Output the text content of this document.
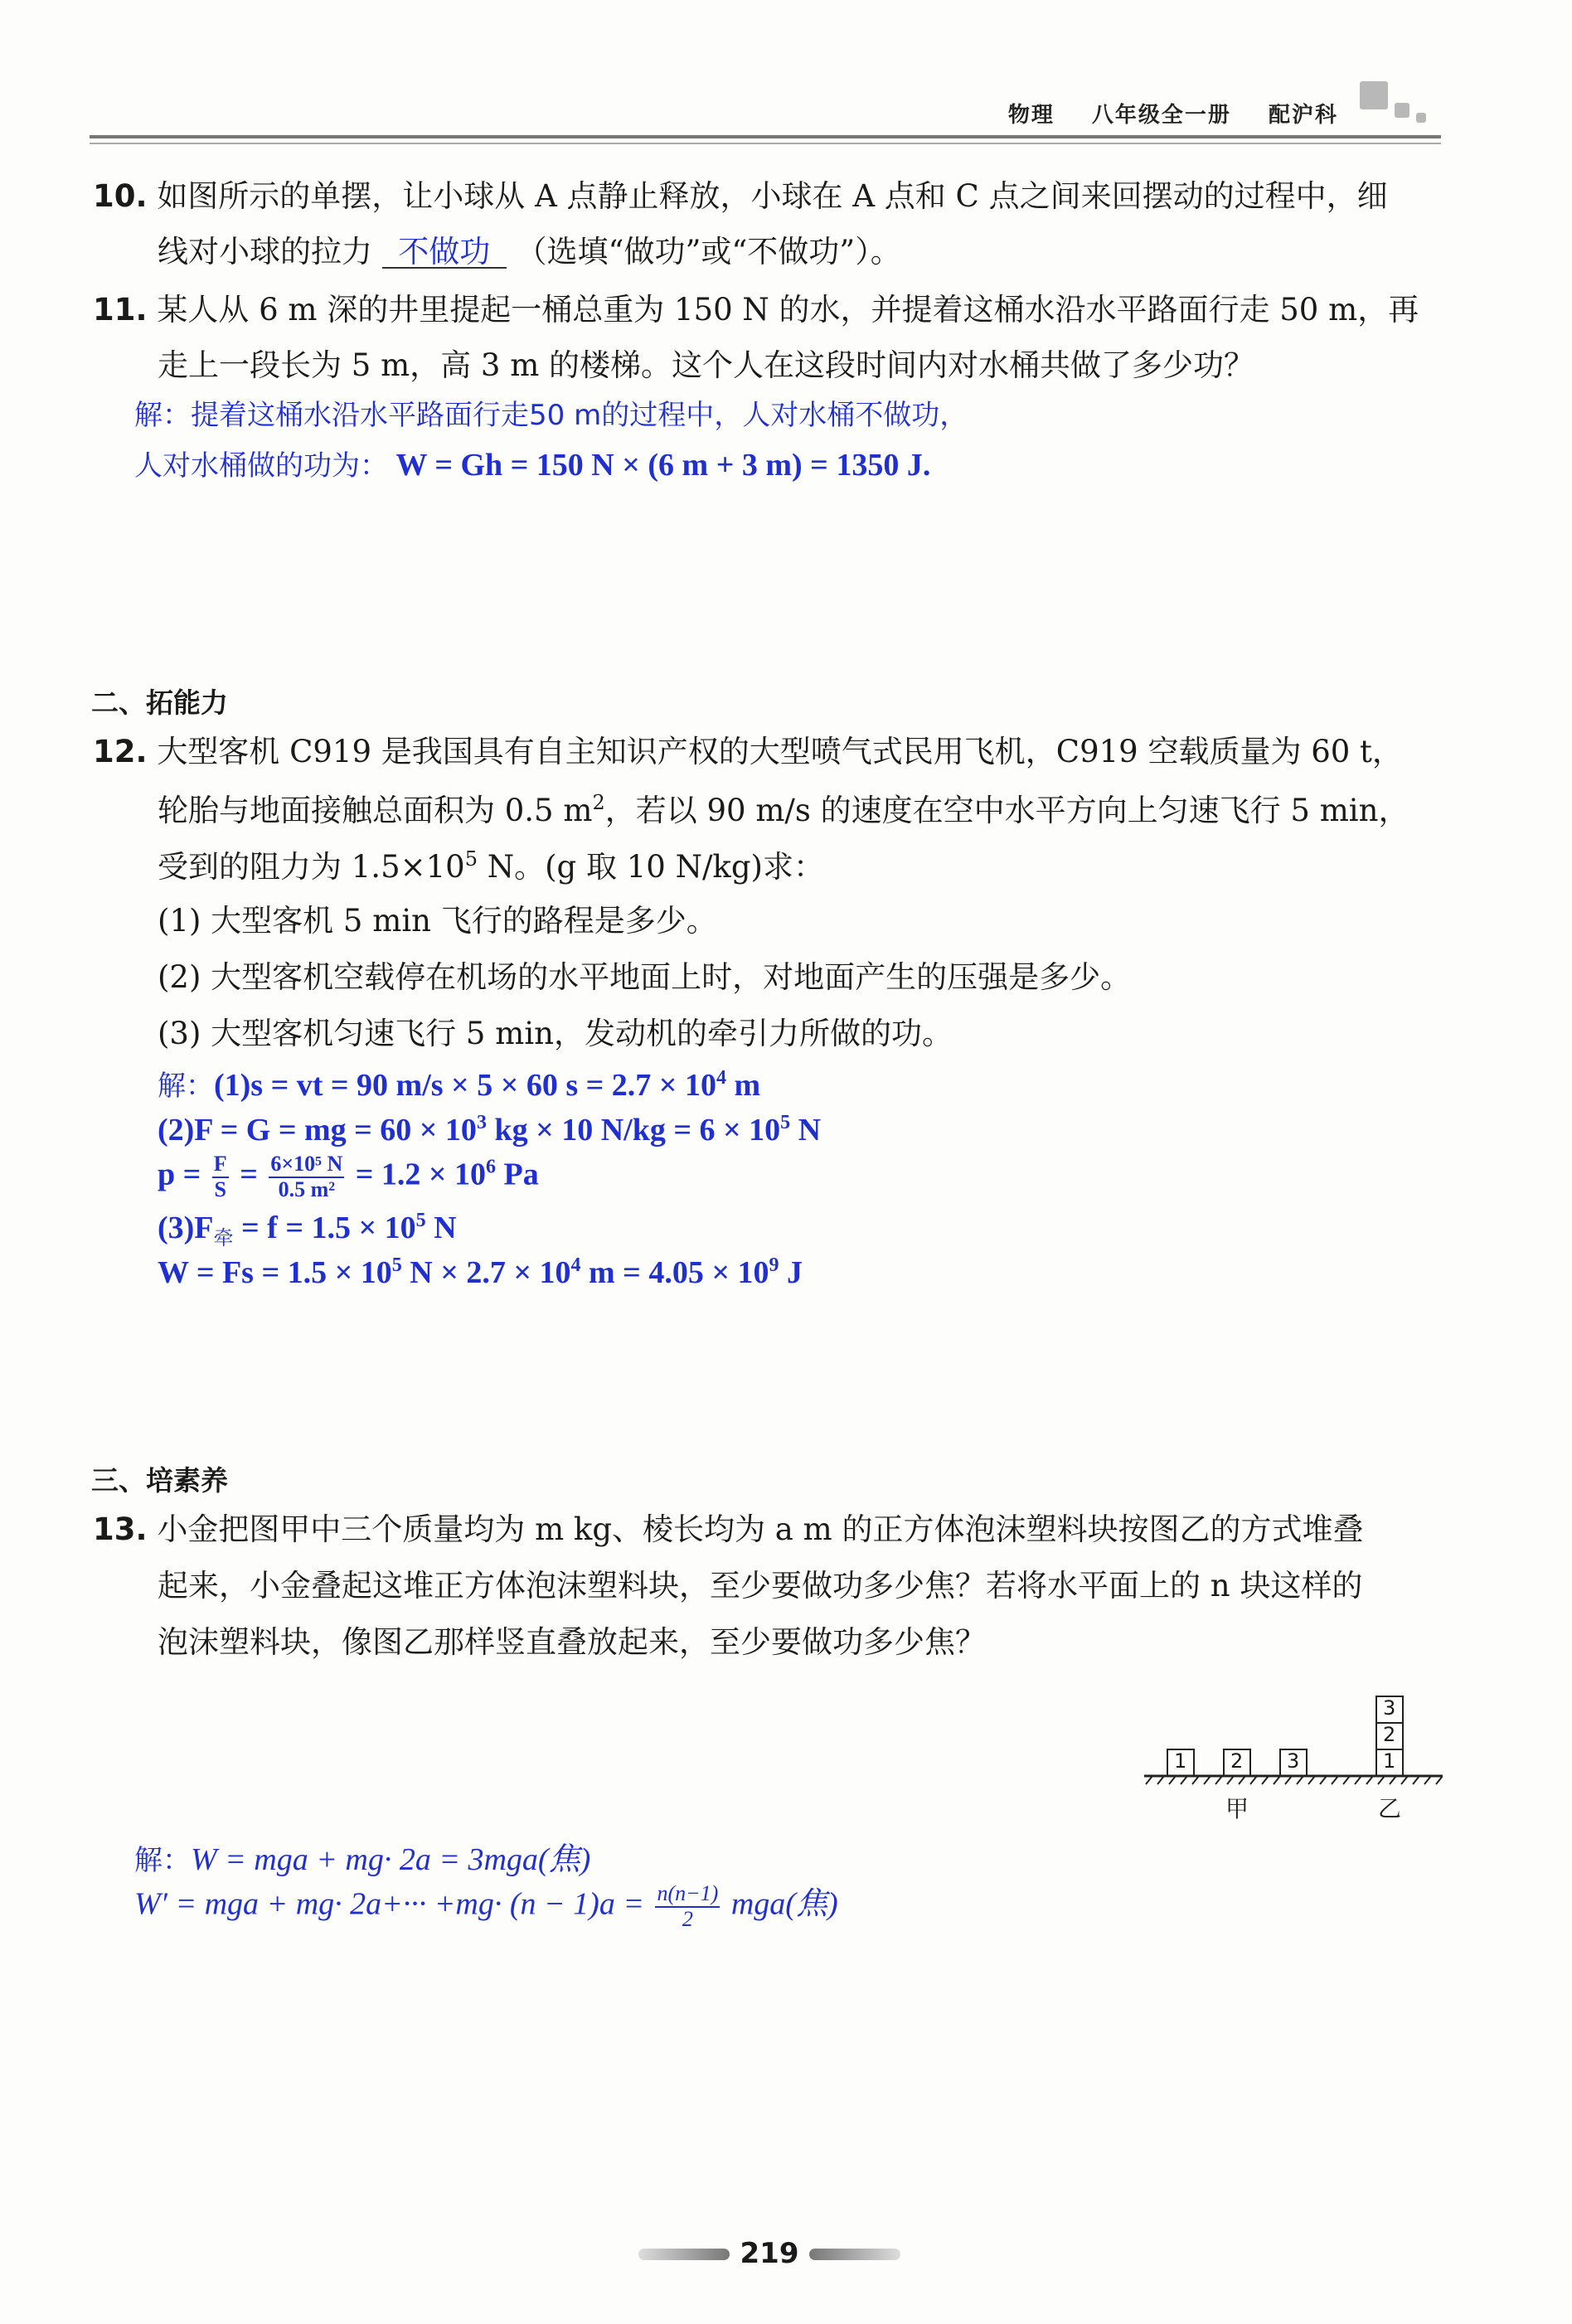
物理 八年级全一册 配沪科
10. 如图所示的单摆，让小球从 A 点静止释放，小球在 A 点和 C 点之间来回摆动的过程中，细
线对小球的拉力 不做功 （选填“做功”或“不做功”）。
11. 某人从 6 m 深的井里提起一桶总重为 150 N 的水，并提着这桶水沿水平路面行走 50 m，再
走上一段长为 5 m，高 3 m 的楼梯。这个人在这段时间内对水桶共做了多少功？
解：提着这桶水沿水平路面行走50 m的过程中，人对水桶不做功，
人对水桶做的功为： W = Gh = 150 N × (6 m + 3 m) = 1350 J.
二、拓能力
12. 大型客机 C919 是我国具有自主知识产权的大型喷气式民用飞机，C919 空载质量为 60 t，
轮胎与地面接触总面积为 0.5 $m^2$，若以 90 m/s 的速度在空中水平方向上匀速飞行 5 min，
受到的阻力为 $1.5\times 10^5$ N。(g 取 10 N/kg)求：
(1) 大型客机 5 min 飞行的路程是多少。
(2) 大型客机空载停在机场的水平地面上时，对地面产生的压强是多少。
(3) 大型客机匀速飞行 5 min，发动机的牵引力所做的功。
解：(1)s = vt = 90 m/s × 5 × 60 $s = 2.7 \times 10^4$ m
(2)F = G = mg = $60 \times 10^3$ kg × 10 $N/kg = 6 \times 10^5$ N
$p = \frac{F}{S} = \frac{\text{6×10⁵ N}}{\text{0.5 m²}} = 1.2 \times 10^6$ Pa
$(3)F_牵 = f = 1.5 \times 10^5$ N
$W = Fs = 1.5 \times 10^5$ $N \times 2.7 \times 10^4$ $m = 4.05 \times 10^9$ J
三、培素养
13. 小金把图甲中三个质量均为 m kg、棱长均为 a m 的正方体泡沫塑料块按图乙的方式堆叠
起来，小金叠起这堆正方体泡沫塑料块，至少要做功多少焦？若将水平面上的 n 块这样的
泡沫塑料块，像图乙那样竖直叠放起来，至少要做功多少焦？
1 2 3
3
2
1
甲	乙
解：W = mga + mg· 2a = 3mga(焦)
W′ = mga + $mg\cdot 2a+\cdot\cdot\cdot +mg\cdot (n - 1)a = \frac{n(n-1)}{2} mga$(焦)
219
